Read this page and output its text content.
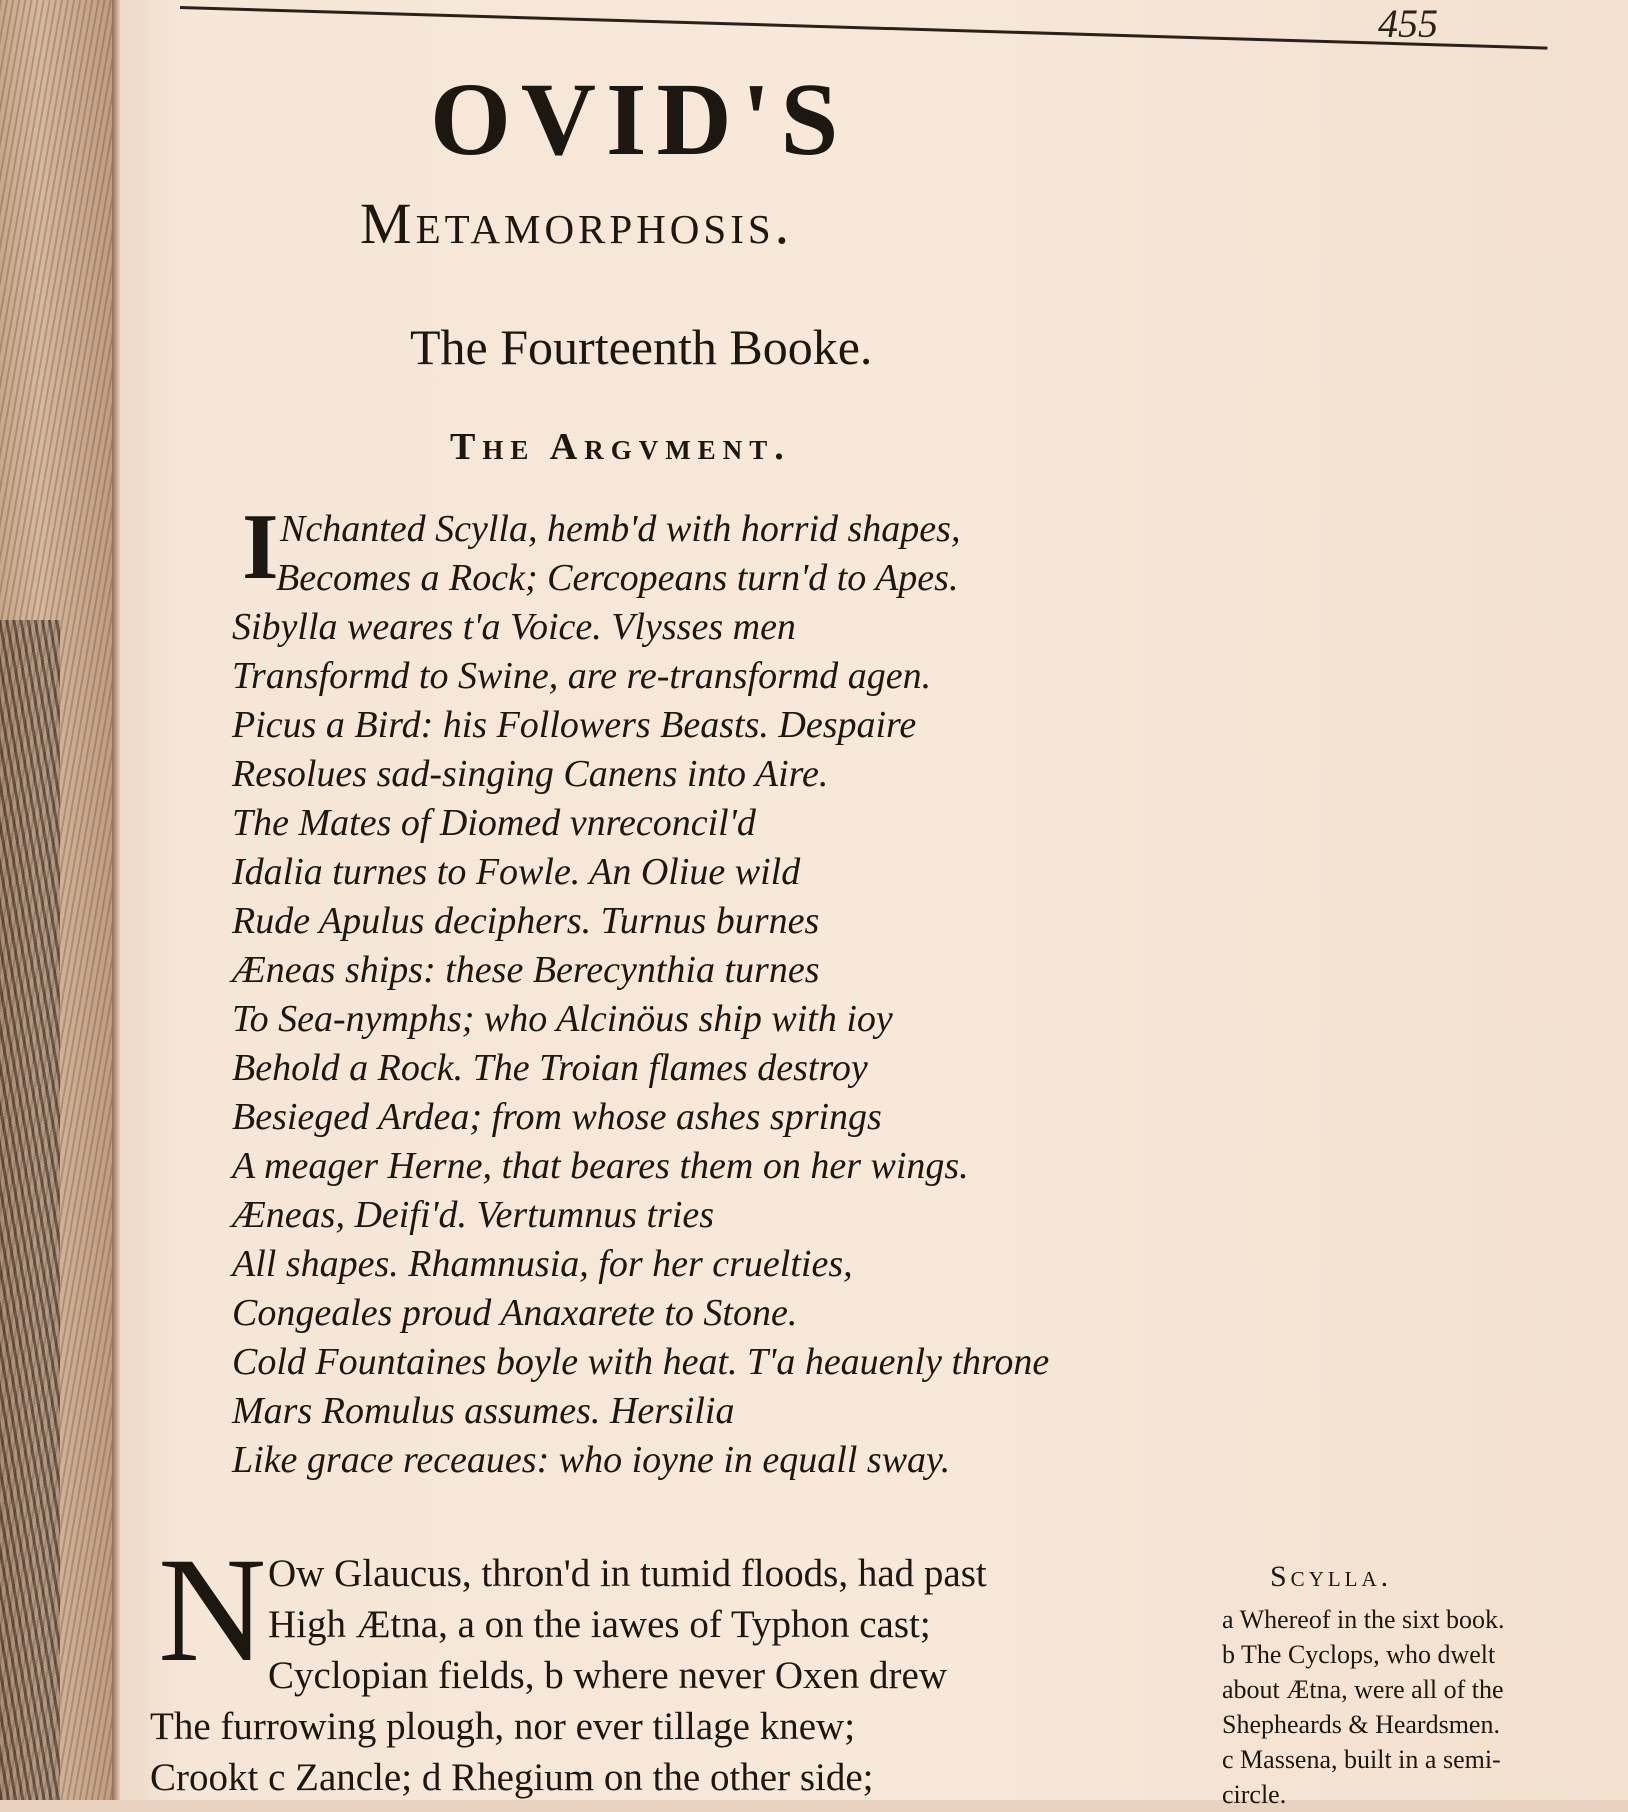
455
OVID'S
Metamorphosis.
The Fourteenth Booke.
The Argvment.
I Nchanted Scylla, hemb'd with horrid shapes,
Becomes a Rock; Cercopeans turn'd to Apes.
Sibylla weares t'a Voice. Vlysses men
Transformd to Swine, are re-transformd agen.
Picus a Bird: his Followers Beasts. Despaire
Resolues sad-singing Canens into Aire.
The Mates of Diomed vnreconcil'd
Idalia turnes to Fowle. An Oliue wild
Rude Apulus deciphers. Turnus burnes
Æneas ships: these Berecynthia turnes
To Sea-nymphs; who Alcinöus ship with ioy
Behold a Rock. The Troian flames destroy
Besieged Ardea; from whose ashes springs
A meager Herne, that beares them on her wings.
Æneas, Deifi'd. Vertumnus tries
All shapes. Rhamnusia, for her cruelties,
Congeales proud Anaxarete to Stone.
Cold Fountaines boyle with heat. T'a heauenly throne
Mars Romulus assumes. Hersilia
Like grace receaues: who ioyne in equall sway.
N Ow Glaucus, thron'd in tumid floods, had past
High Ætna, a on the iawes of Typhon cast;
Cyclopian fields, b where never Oxen drew
The furrowing plough, nor ever tillage knew;
Crookt c Zancle; d Rhegium on the other side;
Scylla.
a Whereof in the sixt book.
b The Cyclops, who dwelt
about Ætna, were all of the
Shepheards & Heardsmen.
c Massena, built in a semi-
circle.
